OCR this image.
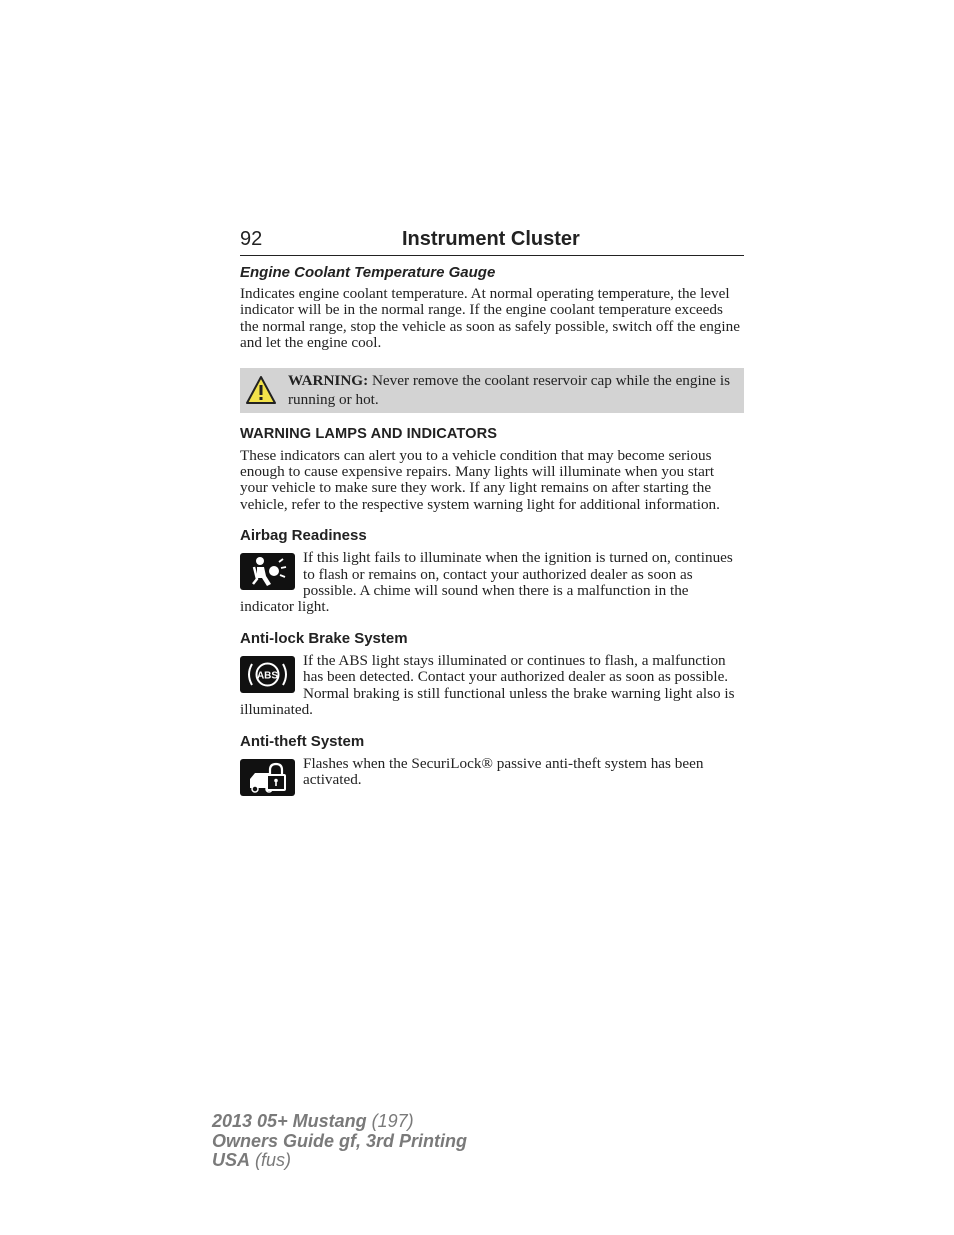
92	Instrument Cluster
Engine Coolant Temperature Gauge

Indicates engine coolant temperature. At normal operating temperature, the level indicator will be in the normal range. If the engine coolant temperature exceeds the normal range, stop the vehicle as soon as safely possible, switch off the engine and let the engine cool.

WARNING: Never remove the coolant reservoir cap while the engine is running or hot.

WARNING LAMPS AND INDICATORS

These indicators can alert you to a vehicle condition that may become serious enough to cause expensive repairs. Many lights will illuminate when you start your vehicle to make sure they work. If any light remains on after starting the vehicle, refer to the respective system warning light for additional information.

Airbag Readiness

If this light fails to illuminate when the ignition is turned on, continues to flash or remains on, contact your authorized dealer as soon as possible. A chime will sound when there is a malfunction in the indicator light.

Anti-lock Brake System
ABS

If the ABS light stays illuminated or continues to flash, a malfunction has been detected. Contact your authorized dealer as soon as possible. Normal braking is still functional unless the brake warning light also is illuminated.

Anti-theft System

Flashes when the SecuriLock® passive anti-theft system has been activated.

2013 05+ Mustang (197)
Owners Guide gf, 3rd Printing
USA (fus)
